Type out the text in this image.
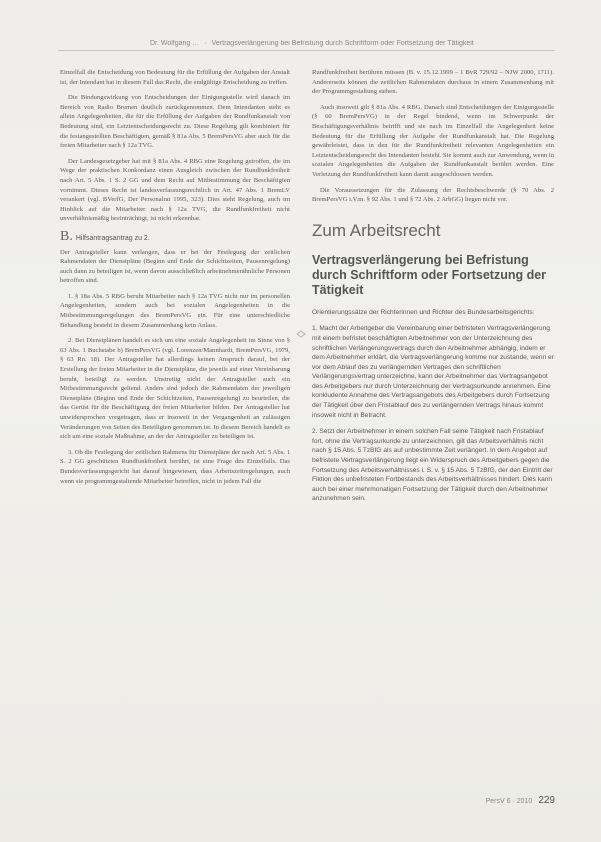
Dr. Wolfgang … · Vertragsverlängerung bei Befristung durch Schriftform oder Fortsetzung der Tätigkeit

Einzelfall die Entscheidung von Bedeutung für die Erfüllung der Aufgaben der Anstalt ist, der Intendant hat in diesem Fall das Recht, die endgültige Entscheidung zu treffen.

Die Bindungswirkung von Entscheidungen der Einigungsstelle wird danach im Bereich von Radio Bremen deutlich zurückgenommen. Dem Intendanten steht es allein Angelegenheiten, die für die Erfüllung der Aufgaben der Rundfunkanstalt von Bedeutung sind, ein Letztentscheidungsrecht zu. Diese Regelung gilt kombiniert für die festangestellten Beschäftigten, gemäß § 81a Abs. 5 BremPersVG aber auch für die freien Mitarbeiter nach § 12a TVG.

Der Landesgesetzgeber hat mit § 81a Abs. 4 RBG eine Regelung getroffen, die im Wege der praktischen Konkordanz einen Ausgleich zwischen der Rundfunkfreiheit nach Art. 5 Abs. 1 S. 2 GG und dem Recht auf Mitbestimmung der Beschäftigten vornimmt. Dieses Recht ist landesverfassungsrechtlich in Art. 47 Abs. 1 BremLV verankert (vgl. BVerfG, Der Personalrat 1995, 323). Dies steht Regelung, auch im Hinblick auf die Mitarbeiter nach § 12a TVG, die Rundfunkfreiheit nicht unverhältnismäßig beeinträchtigt, ist nicht erkennbar.

B. Hilfsantragsantrag zu 2.

Der Antragsteller kann verlangen, dass er bei der Festlegung der zeitlichen Rahmendaten der Dienstpläne (Beginn und Ende der Schichtzeiten, Pausenregelung) auch dann zu beteiligen ist, wenn davon ausschließlich arbeitnehmerähnliche Personen betroffen sind.

1. § 18a Abs. 5 RBG beruht Mitarbeiter nach § 12a TVG nicht nur im personellen Angelegenheiten, sondern auch bei sozialen Angelegenheiten in die Mitbestimmungsregelungen des BremPersVG ein. Für eine unterschiedliche Behandlung besteht in diesem Zusammenhang kein Anlass.

2. Bei Dienstplänen handelt es sich um eine soziale Angelegenheit im Sinne von § 63 Abs. 1 Buchstabe b) BremPersVG (vgl. Lorenzen/Mannhardt, BremPersVG, 1979, § 63 Rn. 18). Der Antragsteller hat allerdings keinen Anspruch darauf, bei der Erstellung der freien Mitarbeiter in die Dienstpläne, die jeweils auf einer Vereinbarung beruht, beteiligt zu werden. Unstreitig nicht der Antragsteller auch ein Mitbestimmungsrecht geltend. Anders sind jedoch die Rahmendaten der jeweiligen Dienstpläne (Beginn und Ende der Schichtzeiten, Pausenregelung) zu beurteilen, die das Gerüst für die Beschäftigung der freien Mitarbeiter bilden. Der Antragsteller hat unwidersprochen vorgetragen, dass er insoweit in der Vergangenheit an zulässigen Veränderungen von Seiten des Beteiligten genommen ist. In diesem Bereich handelt es sich um eine soziale Maßnahme, an der der Antragsteller zu beteiligen ist.

3. Ob die Festlegung der zeitlichen Rahmens für Dienstpläne der nach Art. 5 Abs. 1 S. 2 GG geschützten Rundfunkfreiheit berührt, ist eine Frage des Einzelfalls. Das Bundesverfassungsgericht hat darauf hingewiesen, dass Arbeitszeitregelungen, auch wenn sie programmgestaltende Mitarbeiter betreffen, nicht in jedem Fall die

Rundfunkfreiheit berühren müssen (B. v. 15.12.1999 – 1 BvR 729/92 – NJW 2000, 1711). Andererseits können die zeitlichen Rahmendaten durchaus in einem Zusammenhang mit der Programmgestaltung stehen.

Auch insoweit gilt § 81a Abs. 4 RBG. Danach sind Entscheidungen der Einigungsstelle (§ 60 BremPersVG) in der Regel bindend, wenn im Schwerpunkt der Beschäftigungsverhältnis betrifft und sie nach im Einzelfall die Angelegenheit keine Bedeutung für die Erfüllung der Aufgabe der Rundfunkanstalt hat. Die Regelung gewährleistet, dass in den für die Rundfunkfreiheit relevanten Angelegenheiten ein Letztentscheidungsrecht des Intendanten besteht. Sie kommt auch zur Anwendung, wenn in sozialen Angelegenheiten die Aufgaben der Rundfunkanstalt berührt werden. Eine Verletzung der Rundfunkfreiheit kann damit ausgeschlossen werden.

Die Voraussetzungen für die Zulassung der Rechtsbeschwerde (§ 70 Abs. 2 BremPersVG i.V.m. § 92 Abs. 1 und § 72 Abs. 2 ArbGG) liegen nicht vor.

Zum Arbeitsrecht
Vertragsverlängerung bei Befristung durch Schriftform oder Fortsetzung der Tätigkeit

Orientierungssätze der Richterinnen und Richter des Bundesarbeitsgerichts:

1. Macht der Arbeitgeber die Vereinbarung einer befristeten Vertragsverlängerung mit einem befristet beschäftigten Arbeitnehmer von der Unterzeichnung des schriftlichen Verlängerungsvertrags durch den Arbeitnehmer abhängig, indem er dem Arbeitnehmer erklärt, die Vertragsverlängerung komme nur zustande, wenn er vor dem Ablauf des zu verlängernden Vertrages den schriftlichen Verlängerungsvertrag unterzeichne, kann der Arbeitnehmer das Vertragsangebot des Arbeitgebers nur durch Unterzeichnung der Vertragsurkunde annehmen. Eine konkludente Annahme des Vertragsangebots des Arbeitgebers durch Fortsetzung der Tätigkeit über den Fristablauf des zu verlängernden Vertrags hinaus kommt insoweit nicht in Betracht.

2. Setzt der Arbeitnehmer in einem solchen Fall seine Tätigkeit nach Fristablauf fort, ohne die Vertragsurkunde zu unterzeichnen, gilt das Arbeitsverhältnis nicht nach § 15 Abs. 5 TzBfG als auf unbestimmte Zeit verlängert. In dem Angebot auf befristete Vertragsverlängerung liegt ein Widerspruch des Arbeitgebers gegen die Fortsetzung des Arbeitsverhältnisses i. S. v. § 15 Abs. 5 TzBfG, der den Eintritt der Fiktion des unbefristeten Fortbestands des Arbeitsverhältnisses hindert. Dies kann auch bei einer mehrmonatigen Fortsetzung der Tätigkeit durch den Arbeitnehmer anzunehmen sein.

PersV 6 · 2010 229
